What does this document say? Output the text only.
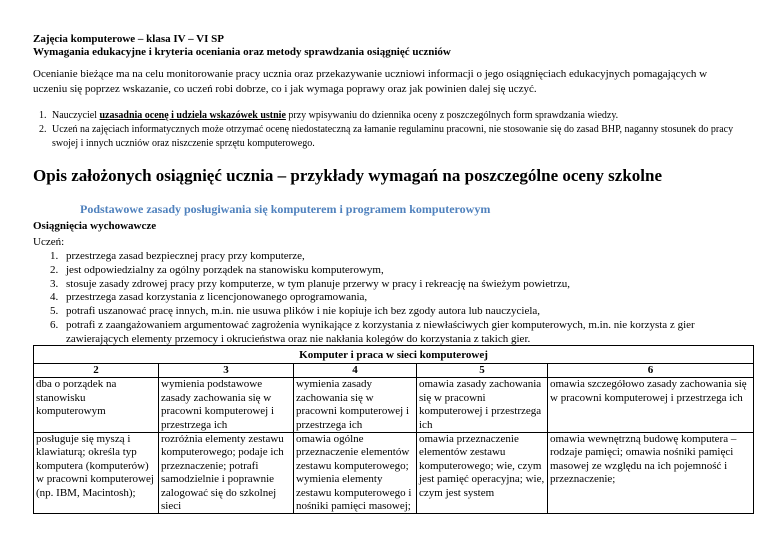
Zajęcia komputerowe – klasa IV – VI SP
Wymagania edukacyjne i kryteria oceniania oraz metody sprawdzania osiągnięć uczniów
Ocenianie bieżące ma na celu monitorowanie pracy ucznia oraz przekazywanie uczniowi informacji o jego osiągnięciach edukacyjnych pomagających w uczeniu się poprzez wskazanie, co uczeń robi dobrze, co i jak wymaga poprawy oraz jak powinien dalej się uczyć.
1. Nauczyciel uzasadnia ocenę i udziela wskazówek ustnie przy wpisywaniu do dziennika oceny z poszczególnych form sprawdzania wiedzy.
2. Uczeń na zajęciach informatycznych może otrzymać ocenę niedostateczną za łamanie regulaminu pracowni, nie stosowanie się do zasad BHP, naganny stosunek do pracy swojej i innych uczniów oraz niszczenie sprzętu komputerowego.
Opis założonych osiągnięć ucznia – przykłady wymagań na poszczególne oceny szkolne
Podstawowe zasady posługiwania się komputerem i programem komputerowym
Osiągnięcia wychowawcze
Uczeń:
1. przestrzega zasad bezpiecznej pracy przy komputerze,
2. jest odpowiedzialny za ogólny porządek na stanowisku komputerowym,
3. stosuje zasady zdrowej pracy przy komputerze, w tym planuje przerwy w pracy i rekreację na świeżym powietrzu,
4. przestrzega zasad korzystania z licencjonowanego oprogramowania,
5. potrafi uszanować pracę innych, m.in. nie usuwa plików i nie kopiuje ich bez zgody autora lub nauczyciela,
6. potrafi z zaangażowaniem argumentować zagrożenia wynikające z korzystania z niewłaściwych gier komputerowych, m.in. nie korzysta z gier zawierających elementy przemocy i okrucieństwa oraz nie nakłania kolegów do korzystania z takich gier.
Komputer i praca w sieci komputerowej				
2	3	4	5	6
dba o porządek na stanowisku komputerowym	wymienia podstawowe zasady zachowania się w pracowni komputerowej i przestrzega ich	wymienia zasady zachowania się w pracowni komputerowej i przestrzega ich	omawia zasady zachowania się w pracowni komputerowej i przestrzega ich	omawia szczegółowo zasady zachowania się w pracowni komputerowej i przestrzega ich
posługuje się myszą i klawiaturą; określa typ komputera (komputerów) w pracowni komputerowej (np. IBM, Macintosh);	rozróżnia elementy zestawu komputerowego; podaje ich przeznaczenie; potrafi samodzielnie i poprawnie zalogować się do szkolnej sieci	omawia ogólne przeznaczenie elementów zestawu komputerowego; wymienia elementy zestawu komputerowego i nośniki pamięci masowej;	omawia przeznaczenie elementów zestawu komputerowego; wie, czym jest pamięć operacyjna; wie, czym jest system	omawia wewnętrzną budowę komputera – rodzaje pamięci; omawia nośniki pamięci masowej ze względu na ich pojemność i przeznaczenie;
